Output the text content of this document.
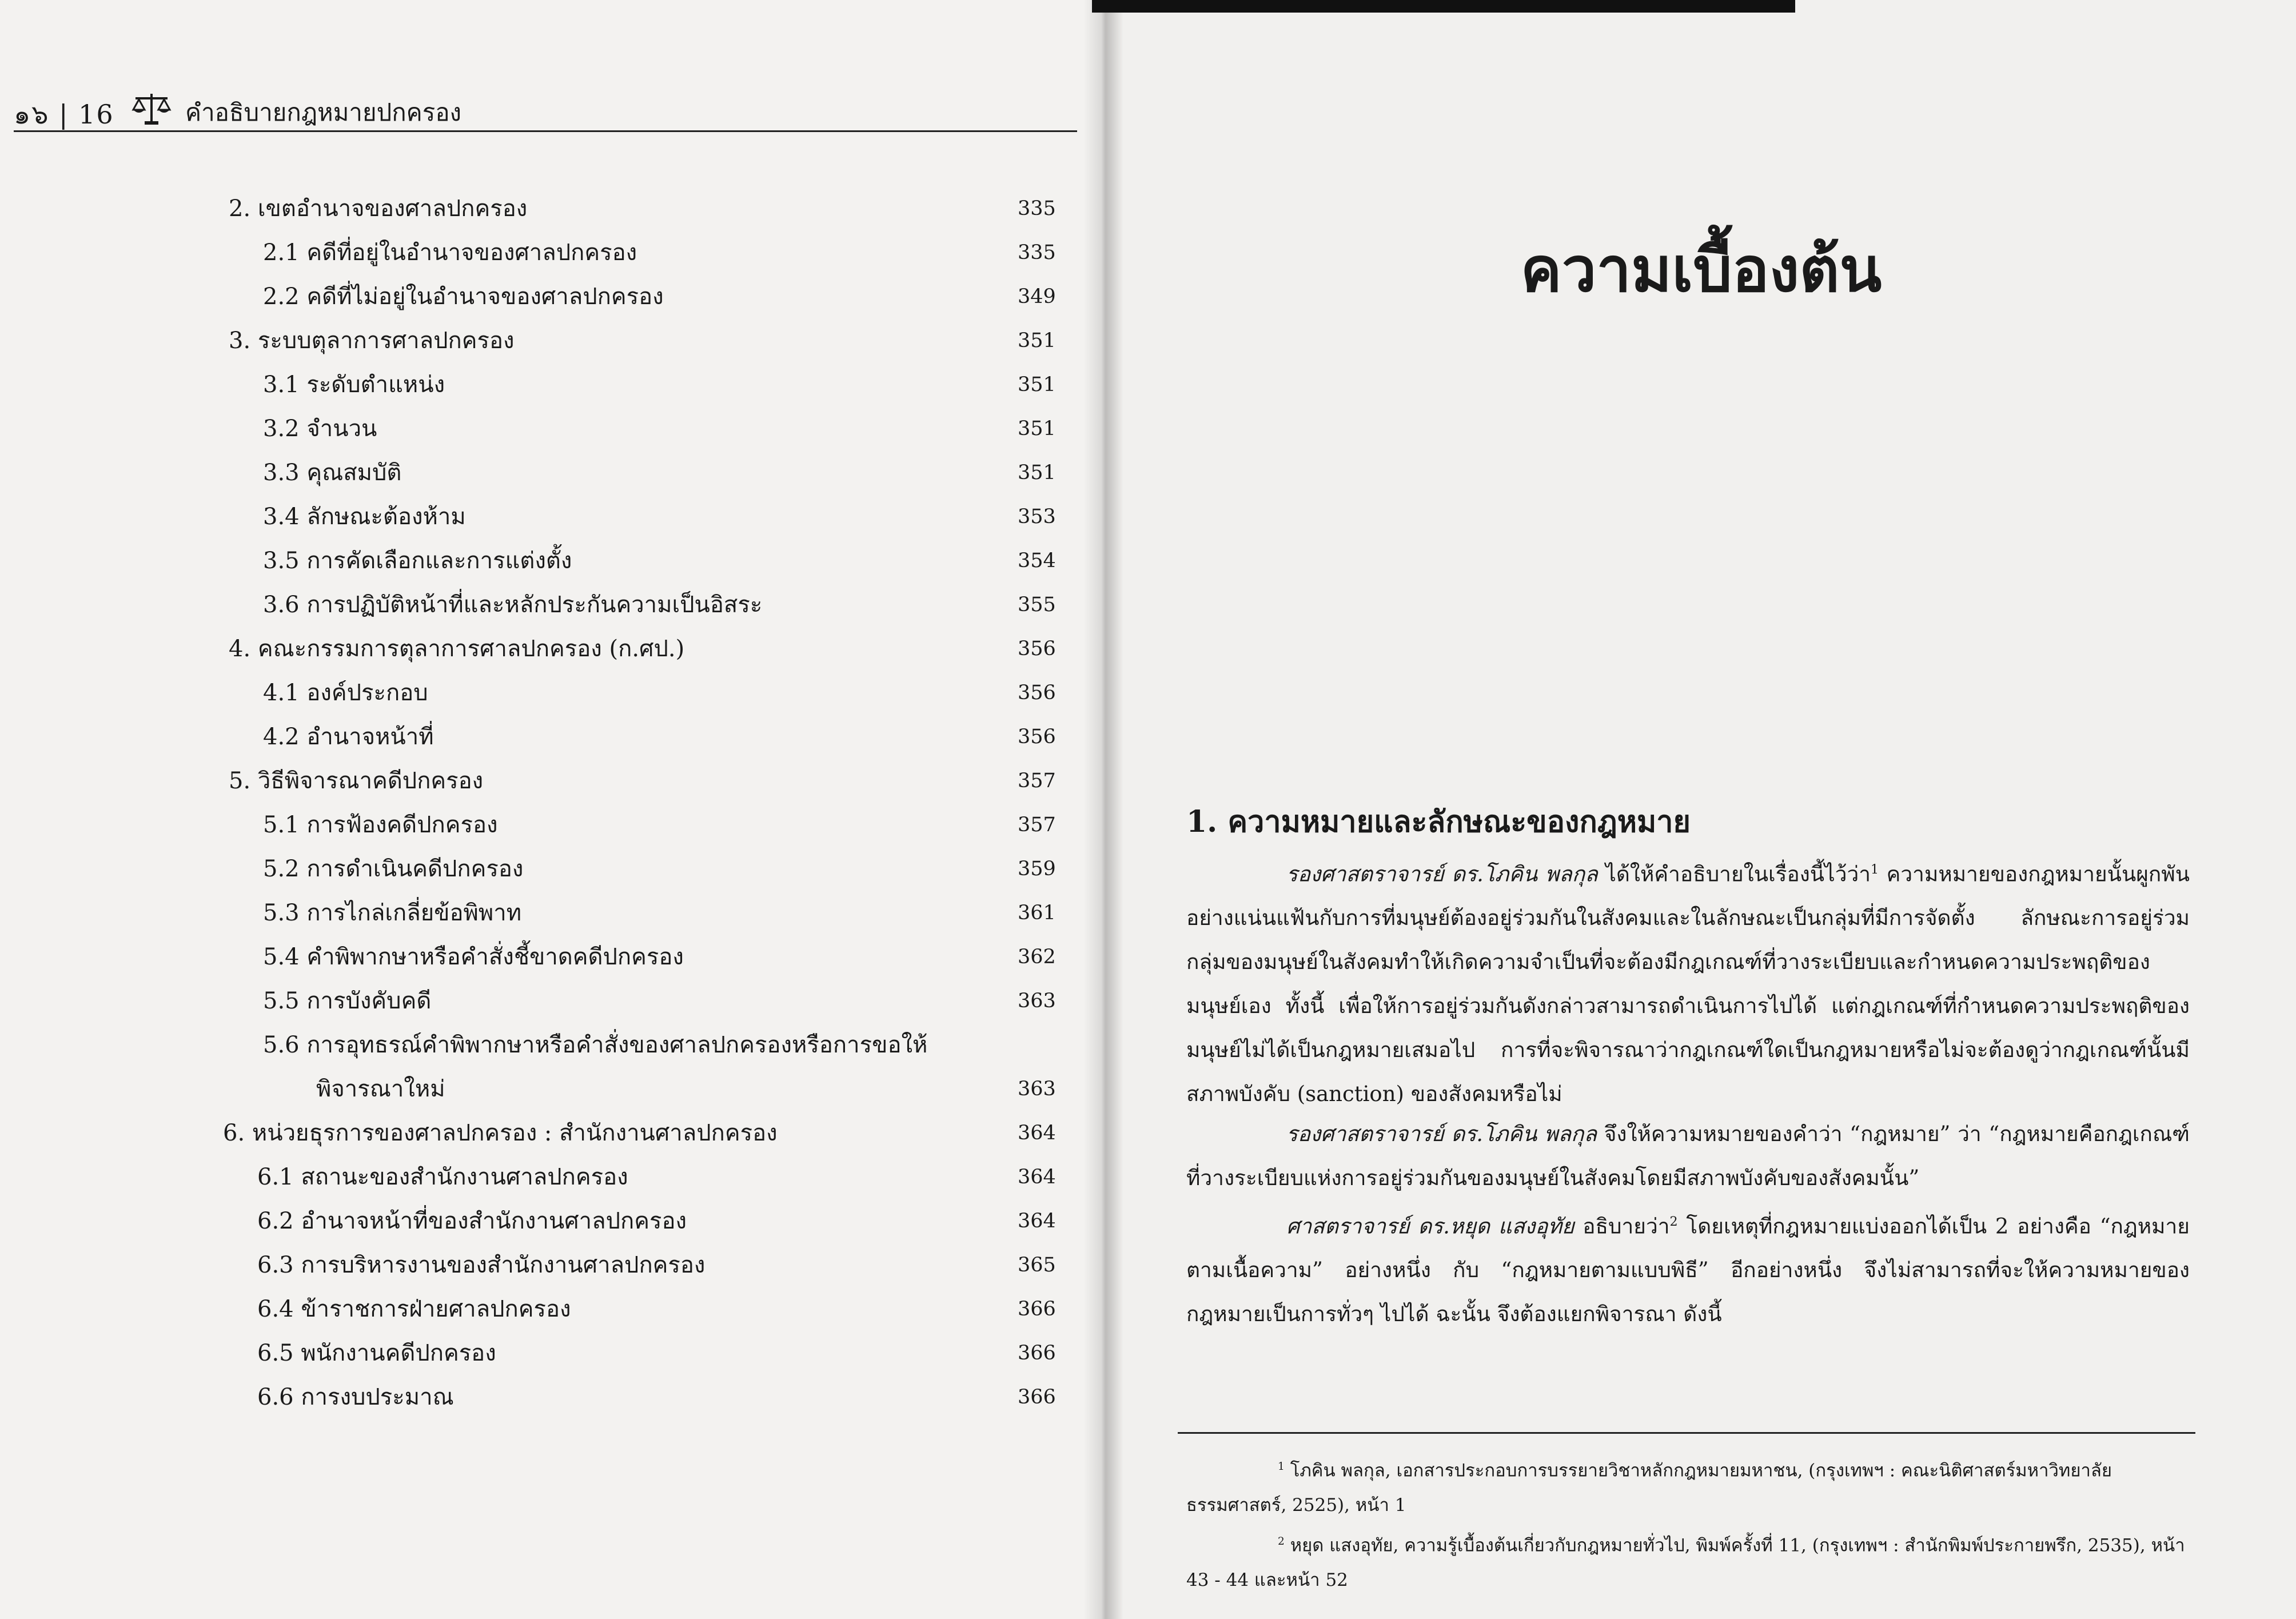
๑๖ | 16	คำอธิบายกฎหมายปกครอง
2. เขตอำนาจของศาลปกครอง	335
2.1 คดีที่อยู่ในอำนาจของศาลปกครอง	335
2.2 คดีที่ไม่อยู่ในอำนาจของศาลปกครอง	349
3. ระบบตุลาการศาลปกครอง	351
3.1 ระดับตำแหน่ง	351
3.2 จำนวน	351
3.3 คุณสมบัติ	351
3.4 ลักษณะต้องห้าม	353
3.5 การคัดเลือกและการแต่งตั้ง	354
3.6 การปฏิบัติหน้าที่และหลักประกันความเป็นอิสระ	355
4. คณะกรรมการตุลาการศาลปกครอง (ก.ศป.)	356
4.1 องค์ประกอบ	356
4.2 อำนาจหน้าที่	356
5. วิธีพิจารณาคดีปกครอง	357
5.1 การฟ้องคดีปกครอง	357
5.2 การดำเนินคดีปกครอง	359
5.3 การไกล่เกลี่ยข้อพิพาท	361
5.4 คำพิพากษาหรือคำสั่งชี้ขาดคดีปกครอง	362
5.5 การบังคับคดี	363
5.6 การอุทธรณ์คำพิพากษาหรือคำสั่งของศาลปกครองหรือการขอให้
พิจารณาใหม่	363
6. หน่วยธุรการของศาลปกครอง : สำนักงานศาลปกครอง	364
6.1 สถานะของสำนักงานศาลปกครอง	364
6.2 อำนาจหน้าที่ของสำนักงานศาลปกครอง	364
6.3 การบริหารงานของสำนักงานศาลปกครอง	365
6.4 ข้าราชการฝ่ายศาลปกครอง	366
6.5 พนักงานคดีปกครอง	366
6.6 การงบประมาณ	366
ความเบื้องต้น
1. ความหมายและลักษณะของกฎหมาย

รองศาสตราจารย์ ดร.โภคิน พลกุล ได้ให้คำอธิบายในเรื่องนี้ไว้ว่า$^1$ ความหมายของกฎหมายนั้นผูกพันอย่างแน่นแฟ้นกับการที่มนุษย์ต้องอยู่ร่วมกันในสังคมและในลักษณะเป็นกลุ่มที่มีการจัดตั้ง ลักษณะการอยู่ร่วมกลุ่มของมนุษย์ในสังคมทำให้เกิดความจำเป็นที่จะต้องมีกฎเกณฑ์ที่วางระเบียบและกำหนดความประพฤติของมนุษย์เอง ทั้งนี้ เพื่อให้การอยู่ร่วมกันดังกล่าวสามารถดำเนินการไปได้ แต่กฎเกณฑ์ที่กำหนดความประพฤติของมนุษย์ไม่ได้เป็นกฎหมายเสมอไป การที่จะพิจารณาว่ากฎเกณฑ์ใดเป็นกฎหมายหรือไม่จะต้องดูว่ากฎเกณฑ์นั้นมีสภาพบังคับ (sanction) ของสังคมหรือไม่

รองศาสตราจารย์ ดร.โภคิน พลกุล จึงให้ความหมายของคำว่า “กฎหมาย” ว่า “กฎหมายคือกฎเกณฑ์ที่วางระเบียบแห่งการอยู่ร่วมกันของมนุษย์ในสังคมโดยมีสภาพบังคับของสังคมนั้น”

ศาสตราจารย์ ดร.หยุด แสงอุทัย อธิบายว่า$^2$ โดยเหตุที่กฎหมายแบ่งออกได้เป็น 2 อย่างคือ “กฎหมายตามเนื้อความ” อย่างหนึ่ง กับ “กฎหมายตามแบบพิธี” อีกอย่างหนึ่ง จึงไม่สามารถที่จะให้ความหมายของกฎหมายเป็นการทั่วๆ ไปได้ ฉะนั้น จึงต้องแยกพิจารณา ดังนี้

$^1$ โภคิน พลกุล, เอกสารประกอบการบรรยายวิชาหลักกฎหมายมหาชน, (กรุงเทพฯ : คณะนิติศาสตร์มหาวิทยาลัยธรรมศาสตร์, 2525), หน้า 1
$^2$ หยุด แสงอุทัย, ความรู้เบื้องต้นเกี่ยวกับกฎหมายทั่วไป, พิมพ์ครั้งที่ 11, (กรุงเทพฯ : สำนักพิมพ์ประกายพรึก, 2535), หน้า 43 - 44 และหน้า 52
